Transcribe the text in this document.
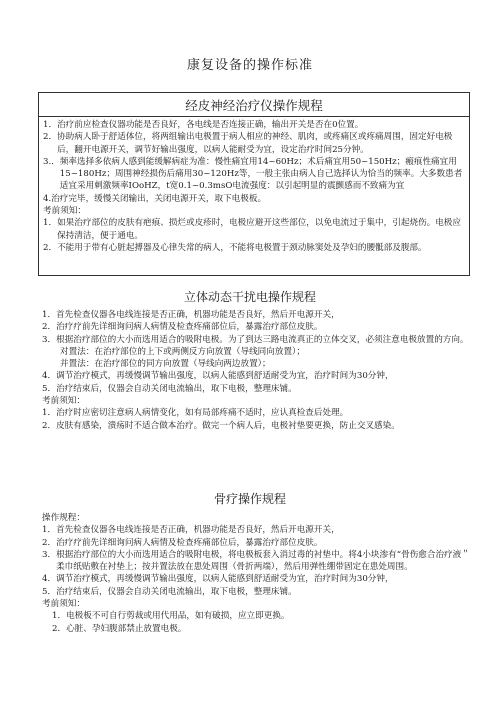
康复设备的操作标准
经皮神经治疗仪操作规程
1． 治疗前应检查仪器功能是否良好，各电线是否连接正确，输出开关是否在0位置。
2． 协助病人卧于舒适体位，将两组输出电极置于病人相应的神经、肌肉，或疼痛区或疼痛周围，固定好电极后，翻开电源开关，调节好输出强度，以病人能耐受为宜，设定治疗时间25分钟。
3.． 频率选择多依病人感到能缓解病症为准：慢性痛宜用14~60Hz；术后痛宜用50~150Hz；瘢痕性痛宜用15~180Hz；周围神经损伤后痛用30~120Hz等，一般主张由病人自己选择认为恰当的频率。大多数患者适宜采用刺激频率IOoHZ，t宽0.1~0.3msO电流强度：以引起明显的震颤感而不致痛为宜
4. 治疗完毕，缓慢关闭输出，关闭电源开关，取下电极板。
考前须知：
1． 如果治疗部位的皮肤有疤痕、损烂或皮疹时，电极应避开这些部位，以免电流过于集中，引起烧伤。电极应保持清洁，便于通电。
2． 不能用于带有心脏起搏器及心律失常的病人，不能将电极置于颈动脉窦处及孕妇的腰骶部及腹部。
立体动态干扰电操作规程
1． 首先检查仪器各电线连接是否正确，机器功能是否良好，然后开电源开关，
2． 治疗疗前先详细询问病人病情及检查疼痛部位后，暴露治疗部位皮肤。
3． 根据治疗部位的大小而选用适合的吸附电极。为了到达三路电流真正的立体交叉，必须注意电极放置的方向。
对置法：在治疗部位的上下或两侧反方向放置（导线同向放置）；
并置法：在治疗部位的同方向放置（导线向两边放置）；
4． 调节治疗模式，再缓慢调节输出强度，以病人能感到舒适耐受为宜，治疗时间为30分钟，
5． 治疗结束后，仪器会自动关闭电流输出，取下电极，整理床铺。
考前须知：
1． 治疗时应密切注意病人病情变化，如有局部疼痛不适时，应认真检查后处理。
2． 皮肤有感染，溃疡时不适合做本治疗。做完一个病人后，电极衬垫要更换，防止交叉感染。
骨疗操作规程
操作规程：
1． 首先检查仪器各电线连接是否正确，机器功能是否良好，然后开电源开关，
2． 治疗疗前先详细询问病人病情及检查疼痛部位后，暴露治疗部位皮肤。
3． 根据治疗部位的大小而选用适合的吸附电极，将电极板套入消过毒的衬垫中。将4小块渗有“骨伤愈合治疗液＂柔巾纸贴敷在衬垫上；按并置法放在患处周围（骨折两端），然后用弹性绷带固定在患处周围。
4． 调节治疗模式，再缓慢调节输出强度，以病人能感到舒适耐受为宜，治疗时间为30分钟，
5． 治疗结束后，仪器会自动关闭电流输出，取下电极，整理床铺。
考前须知：
1． 电极板不可自行剪裁或用代用品，如有破损，应立即更换。
2． 心脏、孕妇腹部禁止放置电极。
